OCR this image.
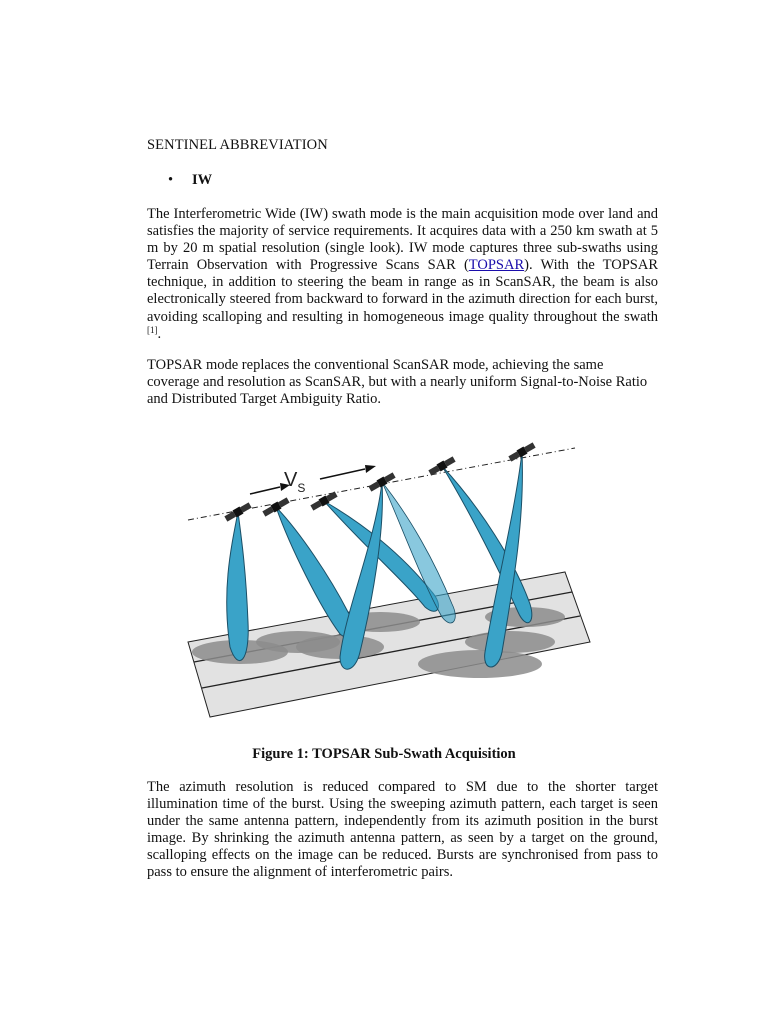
SENTINEL ABBREVIATION
• IW

The Interferometric Wide (IW) swath mode is the main acquisition mode over land and satisfies the majority of service requirements. It acquires data with a 250 km swath at 5 m by 20 m spatial resolution (single look). IW mode captures three sub-swaths using Terrain Observation with Progressive Scans SAR (TOPSAR). With the TOPSAR technique, in addition to steering the beam in range as in ScanSAR, the beam is also electronically steered from backward to forward in the azimuth direction for each burst, avoiding scalloping and resulting in homogeneous image quality throughout the swath [1].

TOPSAR mode replaces the conventional ScanSAR mode, achieving the same coverage and resolution as ScanSAR, but with a nearly uniform Signal-to-Noise Ratio and Distributed Target Ambiguity Ratio.

$V_S$
Figure 1: TOPSAR Sub-Swath Acquisition

The azimuth resolution is reduced compared to SM due to the shorter target illumination time of the burst. Using the sweeping azimuth pattern, each target is seen under the same antenna pattern, independently from its azimuth position in the burst image. By shrinking the azimuth antenna pattern, as seen by a target on the ground, scalloping effects on the image can be reduced. Bursts are synchronised from pass to pass to ensure the alignment of interferometric pairs.
